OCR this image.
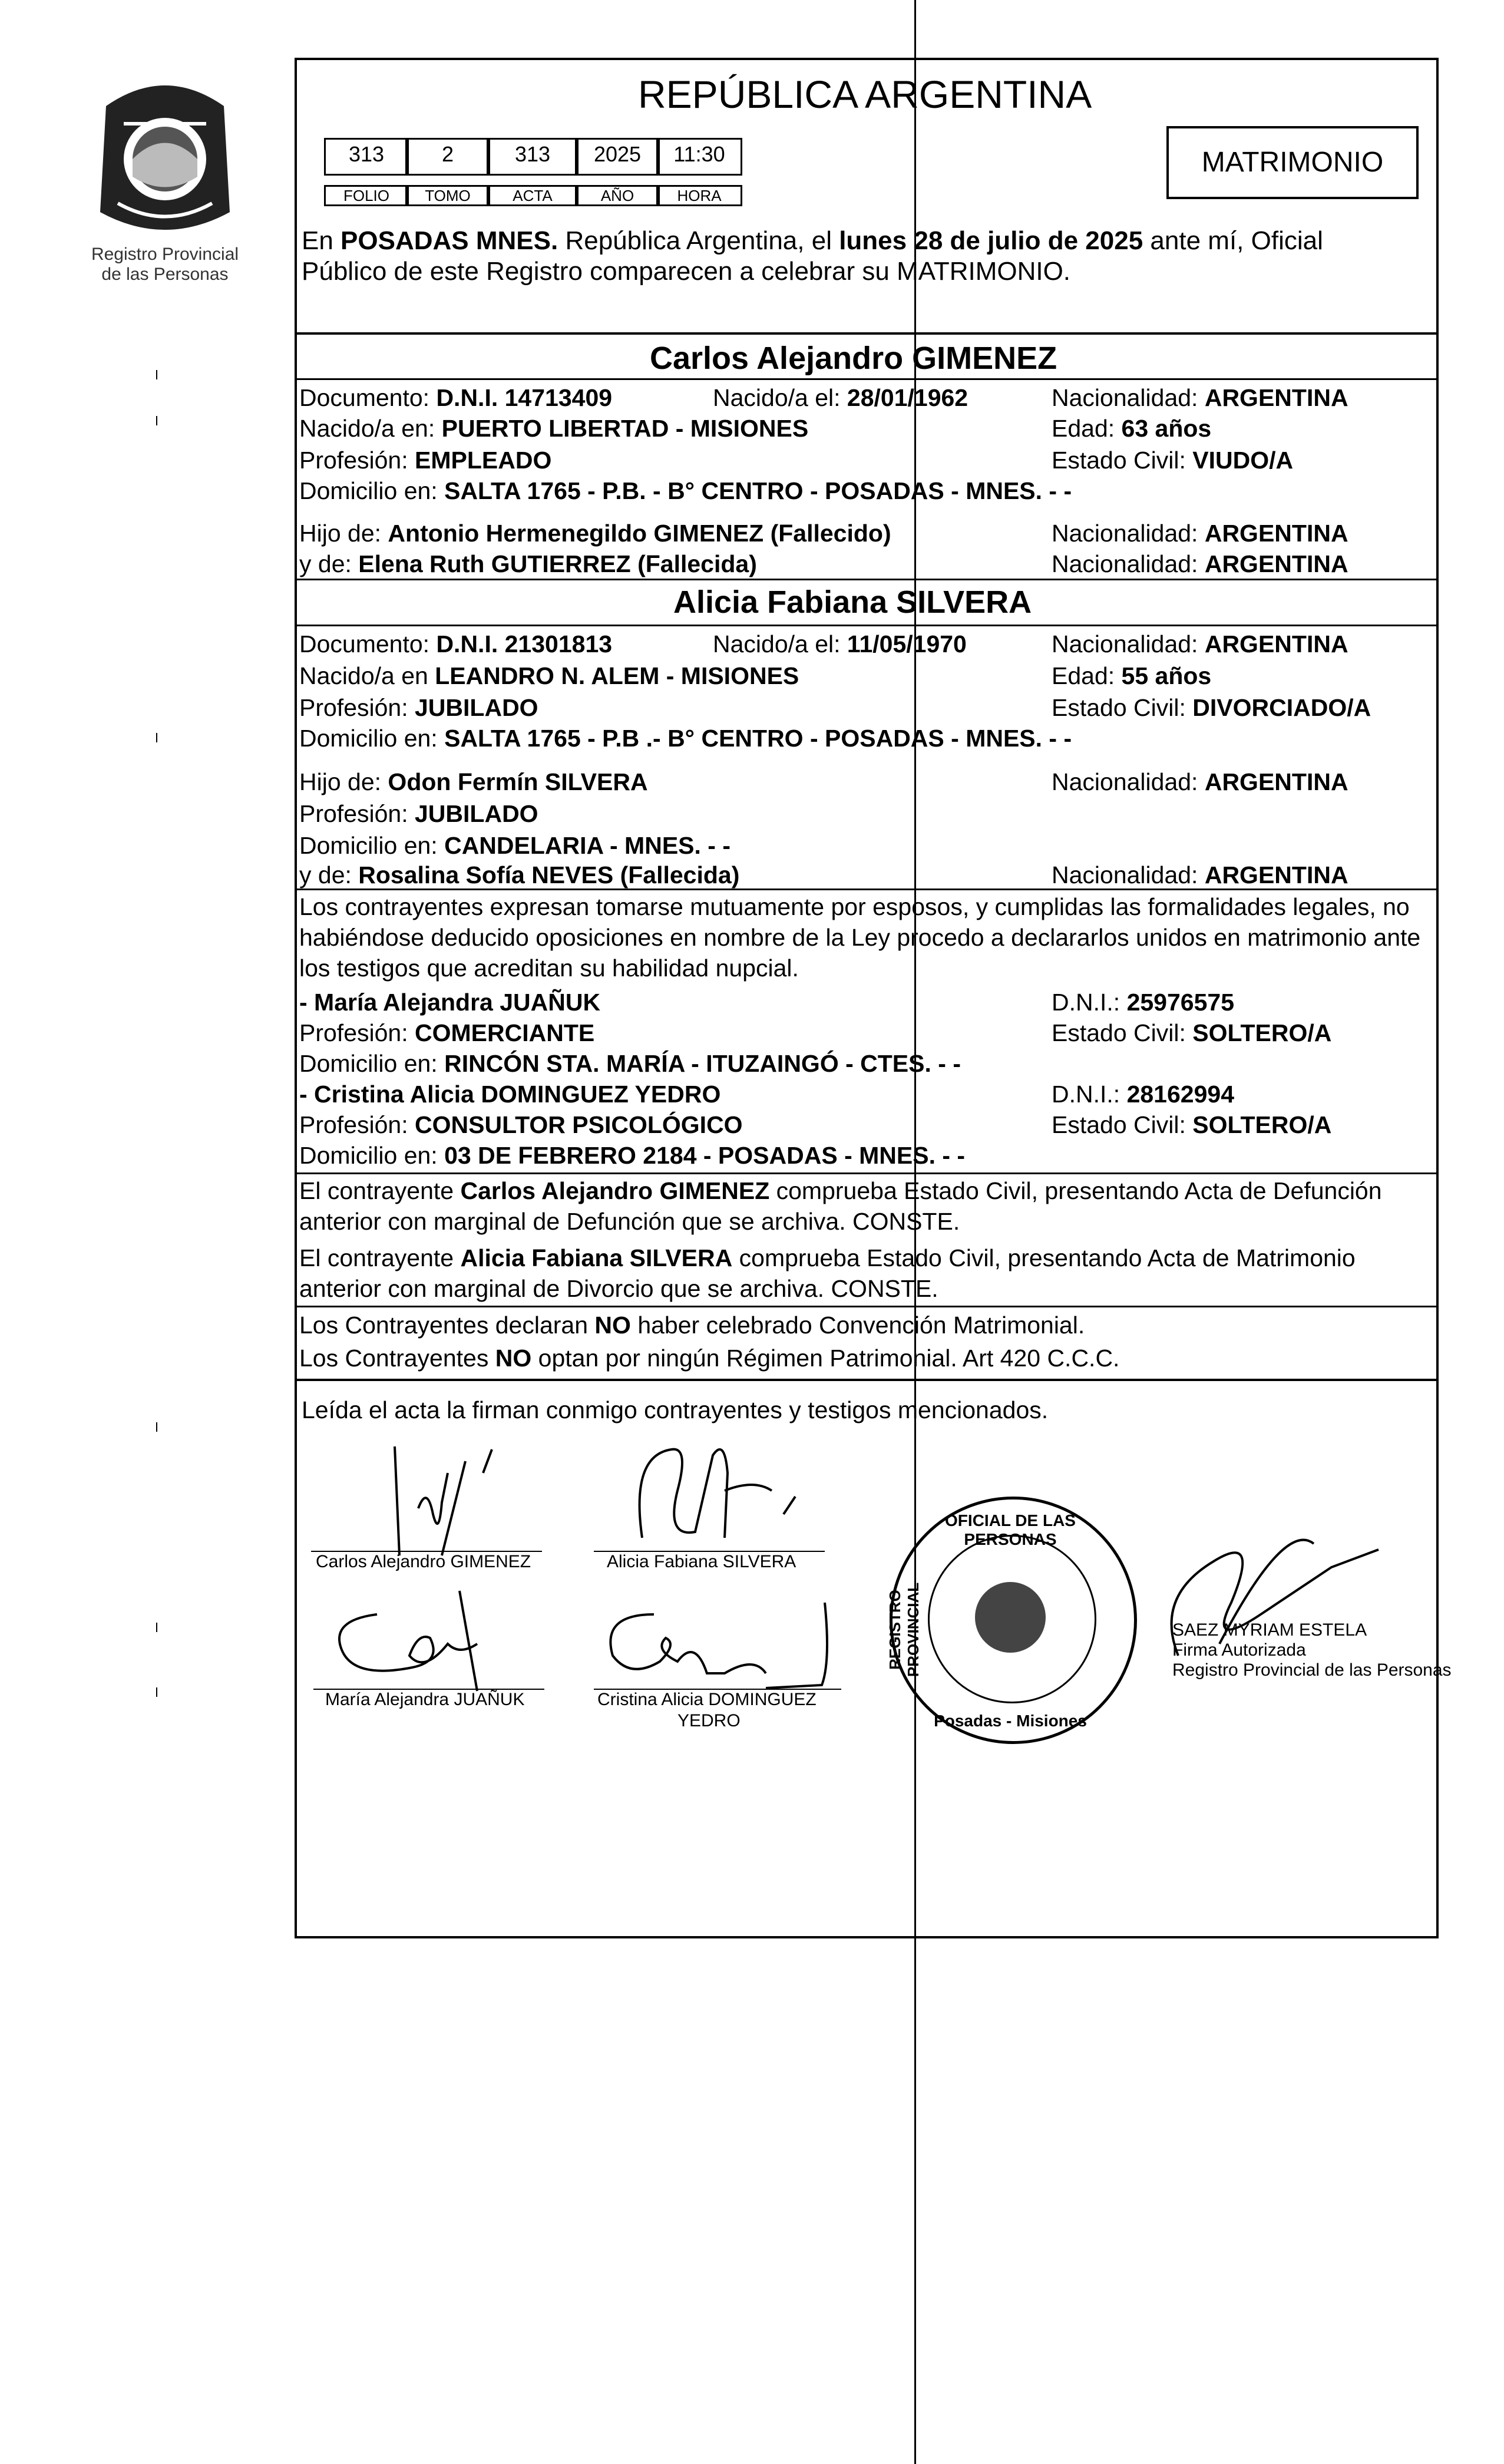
Registro Provincial
de las Personas
REPÚBLICA ARGENTINA
313	2	313	2025	11:30
FOLIO	TOMO	ACTA	AÑO	HORA
MATRIMONIO
En POSADAS MNES. República Argentina, el lunes 28 de julio de 2025 ante mí, Oficial
Público de este Registro comparecen a celebrar su MATRIMONIO.
Carlos Alejandro GIMENEZ
Documento: D.N.I. 14713409	Nacido/a el: 28/01/1962	Nacionalidad: ARGENTINA
Nacido/a en: PUERTO LIBERTAD - MISIONES	Edad: 63 años
Profesión: EMPLEADO	Estado Civil: VIUDO/A
Domicilio en: SALTA 1765 - P.B. - B° CENTRO - POSADAS - MNES. - -
Hijo de: Antonio Hermenegildo GIMENEZ (Fallecido)	Nacionalidad: ARGENTINA
y de: Elena Ruth GUTIERREZ (Fallecida)	Nacionalidad: ARGENTINA
Alicia Fabiana SILVERA
Documento: D.N.I. 21301813	Nacido/a el: 11/05/1970	Nacionalidad: ARGENTINA
Nacido/a en LEANDRO N. ALEM - MISIONES	Edad: 55 años
Profesión: JUBILADO	Estado Civil: DIVORCIADO/A
Domicilio en: SALTA 1765 - P.B .- B° CENTRO - POSADAS - MNES. - -
Hijo de: Odon Fermín SILVERA	Nacionalidad: ARGENTINA
Profesión: JUBILADO
Domicilio en: CANDELARIA - MNES. - -
y de: Rosalina Sofía NEVES (Fallecida)	Nacionalidad: ARGENTINA
Los contrayentes expresan tomarse mutuamente por esposos, y cumplidas las formalidades legales, no
habiéndose deducido oposiciones en nombre de la Ley procedo a declararlos unidos en matrimonio ante
los testigos que acreditan su habilidad nupcial.
- María Alejandra JUAÑUK	D.N.I.: 25976575
Profesión: COMERCIANTE	Estado Civil: SOLTERO/A
Domicilio en: RINCÓN STA. MARÍA - ITUZAINGÓ - CTES. - -
- Cristina Alicia DOMINGUEZ YEDRO	D.N.I.: 28162994
Profesión: CONSULTOR PSICOLÓGICO	Estado Civil: SOLTERO/A
Domicilio en: 03 DE FEBRERO 2184 - POSADAS - MNES. - -
El contrayente Carlos Alejandro GIMENEZ comprueba Estado Civil, presentando Acta de Defunción
anterior con marginal de Defunción que se archiva. CONSTE.
El contrayente Alicia Fabiana SILVERA comprueba Estado Civil, presentando Acta de Matrimonio
anterior con marginal de Divorcio que se archiva. CONSTE.
Los Contrayentes declaran NO haber celebrado Convención Matrimonial.
Los Contrayentes NO optan por ningún Régimen Patrimonial. Art 420 C.C.C.
Leída el acta la firman conmigo contrayentes y testigos mencionados.
Carlos Alejandro GIMENEZ	Alicia Fabiana SILVERA
María Alejandra JUAÑUK	Cristina Alicia DOMINGUEZ
YEDRO
OFICIAL DE LAS PERSONAS
REGISTRO PROVINCIAL
Posadas - Misiones
SAEZ MYRIAM ESTELA
Firma Autorizada
Registro Provincial de las Personas
